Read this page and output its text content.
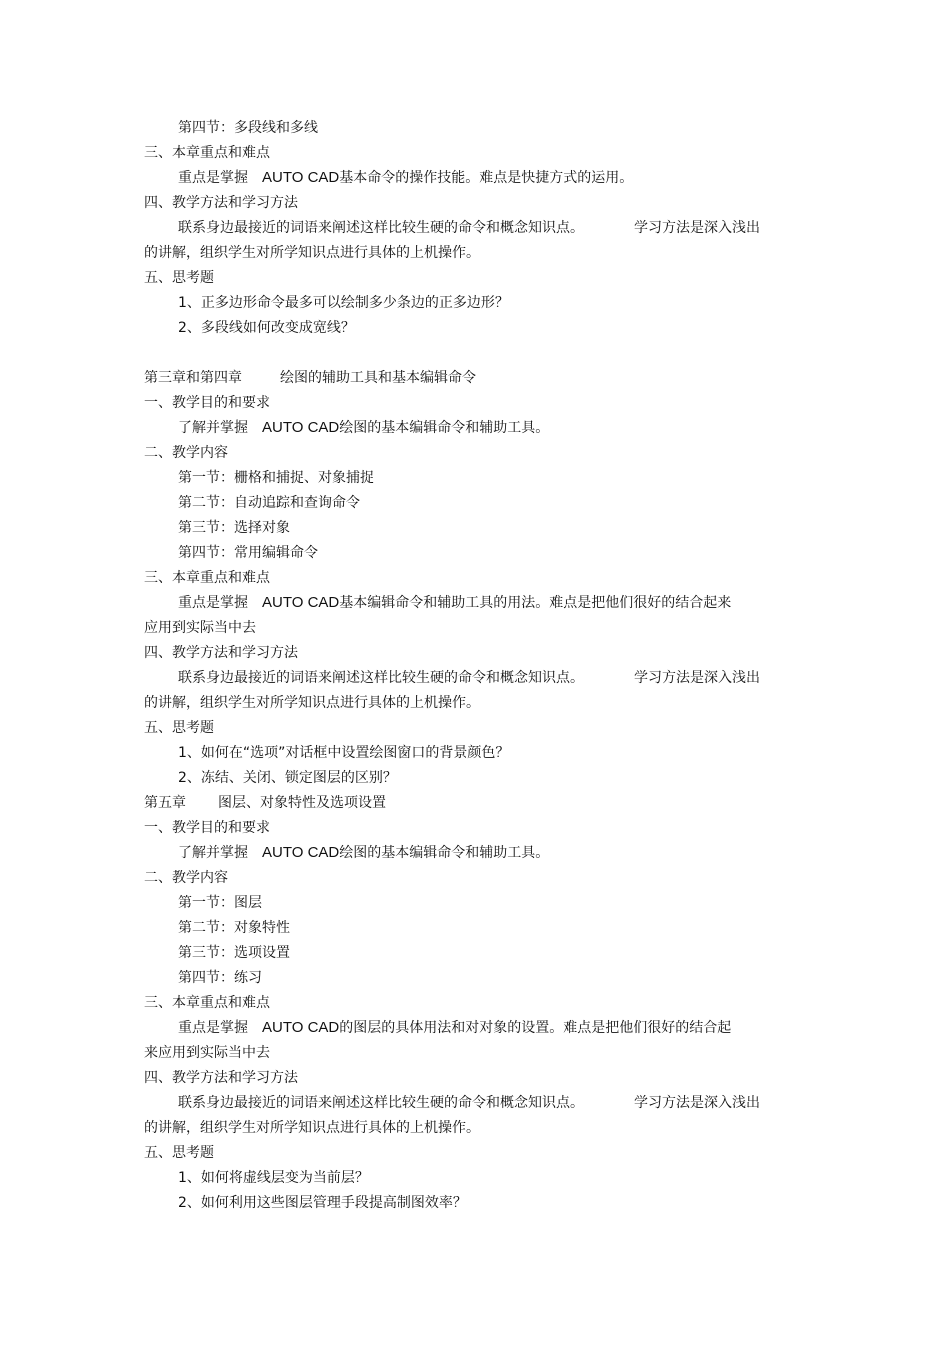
第四节：多段线和多线
三、本章重点和难点
重点是掌握 AUTO CAD基本命令的操作技能。难点是快捷方式的运用。
四、教学方法和学习方法
联系身边最接近的词语来阐述这样比较生硬的命令和概念知识点。	学习方法是深入浅出
的讲解，组织学生对所学知识点进行具体的上机操作。
五、思考题
1、正多边形命令最多可以绘制多少条边的正多边形？
2、多段线如何改变成宽线？
第三章和第四章	绘图的辅助工具和基本编辑命令
一、教学目的和要求
了解并掌握 AUTO CAD绘图的基本编辑命令和辅助工具。
二、教学内容
第一节：栅格和捕捉、对象捕捉
第二节：自动追踪和查询命令
第三节：选择对象
第四节：常用编辑命令
三、本章重点和难点
重点是掌握 AUTO CAD基本编辑命令和辅助工具的用法。难点是把他们很好的结合起来
应用到实际当中去
四、教学方法和学习方法
联系身边最接近的词语来阐述这样比较生硬的命令和概念知识点。	学习方法是深入浅出
的讲解，组织学生对所学知识点进行具体的上机操作。
五、思考题
1、如何在“选项”对话框中设置绘图窗口的背景颜色？
2、冻结、关闭、锁定图层的区别？
第五章 图层、对象特性及选项设置
一、教学目的和要求
了解并掌握 AUTO CAD绘图的基本编辑命令和辅助工具。
二、教学内容
第一节：图层
第二节：对象特性
第三节：选项设置
第四节：练习
三、本章重点和难点
重点是掌握 AUTO CAD的图层的具体用法和对对象的设置。难点是把他们很好的结合起
来应用到实际当中去
四、教学方法和学习方法
联系身边最接近的词语来阐述这样比较生硬的命令和概念知识点。	学习方法是深入浅出
的讲解，组织学生对所学知识点进行具体的上机操作。
五、思考题
1、如何将虚线层变为当前层？
2、如何利用这些图层管理手段提高制图效率？
